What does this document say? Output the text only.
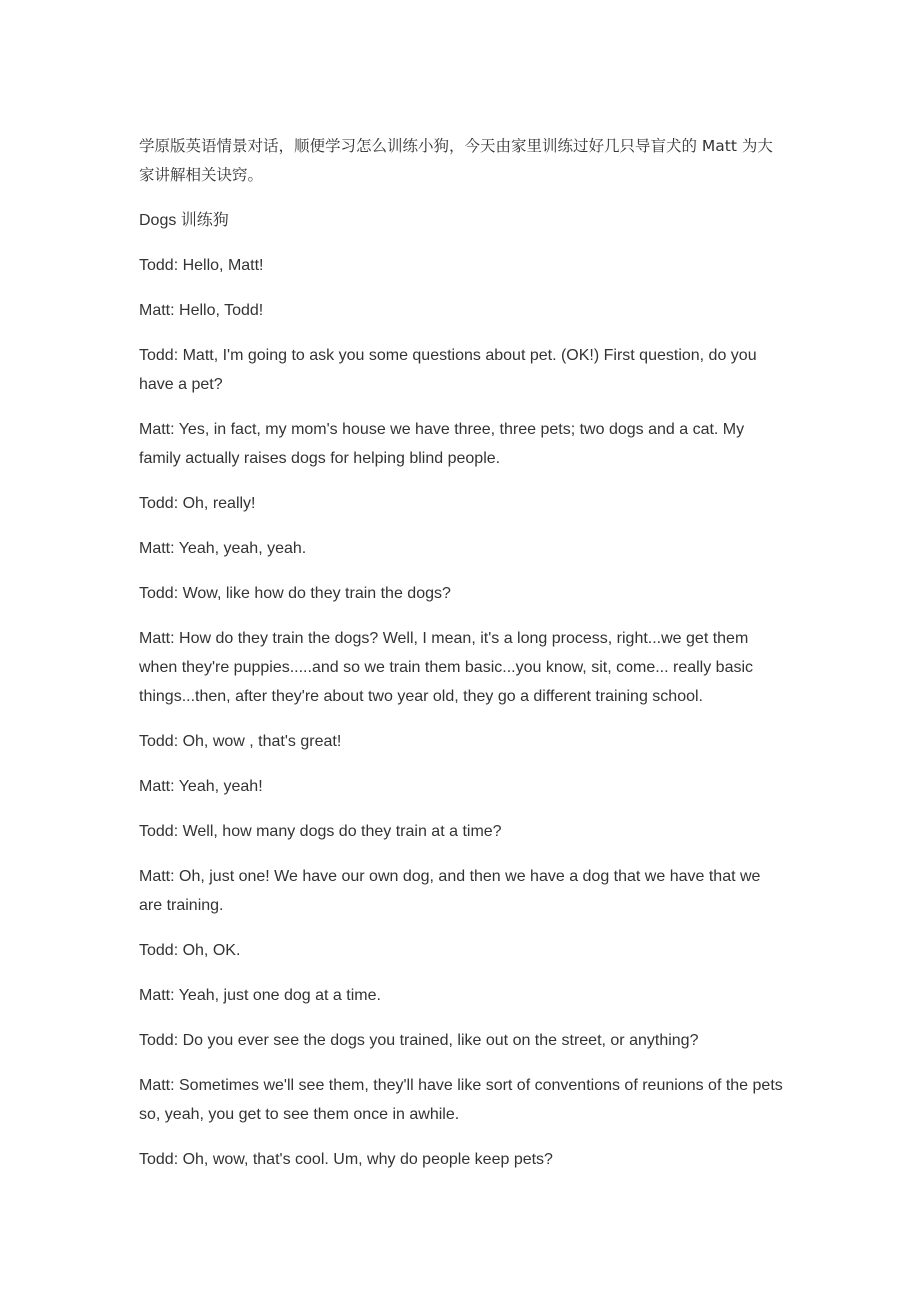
学原版英语情景对话，顺便学习怎么训练小狗，今天由家里训练过好几只导盲犬的 Matt 为大家讲解相关诀窍。

Dogs 训练狗

Todd: Hello, Matt!

Matt: Hello, Todd!

Todd: Matt, I'm going to ask you some questions about pet. (OK!) First question, do you have a pet?

Matt: Yes, in fact, my mom's house we have three, three pets; two dogs and a cat. My family actually raises dogs for helping blind people.

Todd: Oh, really!

Matt: Yeah, yeah, yeah.

Todd: Wow, like how do they train the dogs?

Matt: How do they train the dogs? Well, I mean, it's a long process, right...we get them when they're puppies.....and so we train them basic...you know, sit, come... really basic things...then, after they're about two year old, they go a different training school.

Todd: Oh, wow , that's great!

Matt: Yeah, yeah!

Todd: Well, how many dogs do they train at a time?

Matt: Oh, just one! We have our own dog, and then we have a dog that we have that we are training.

Todd: Oh, OK.

Matt: Yeah, just one dog at a time.

Todd: Do you ever see the dogs you trained, like out on the street, or anything?

Matt: Sometimes we'll see them, they'll have like sort of conventions of reunions of the pets so, yeah, you get to see them once in awhile.

Todd: Oh, wow, that's cool. Um, why do people keep pets?
